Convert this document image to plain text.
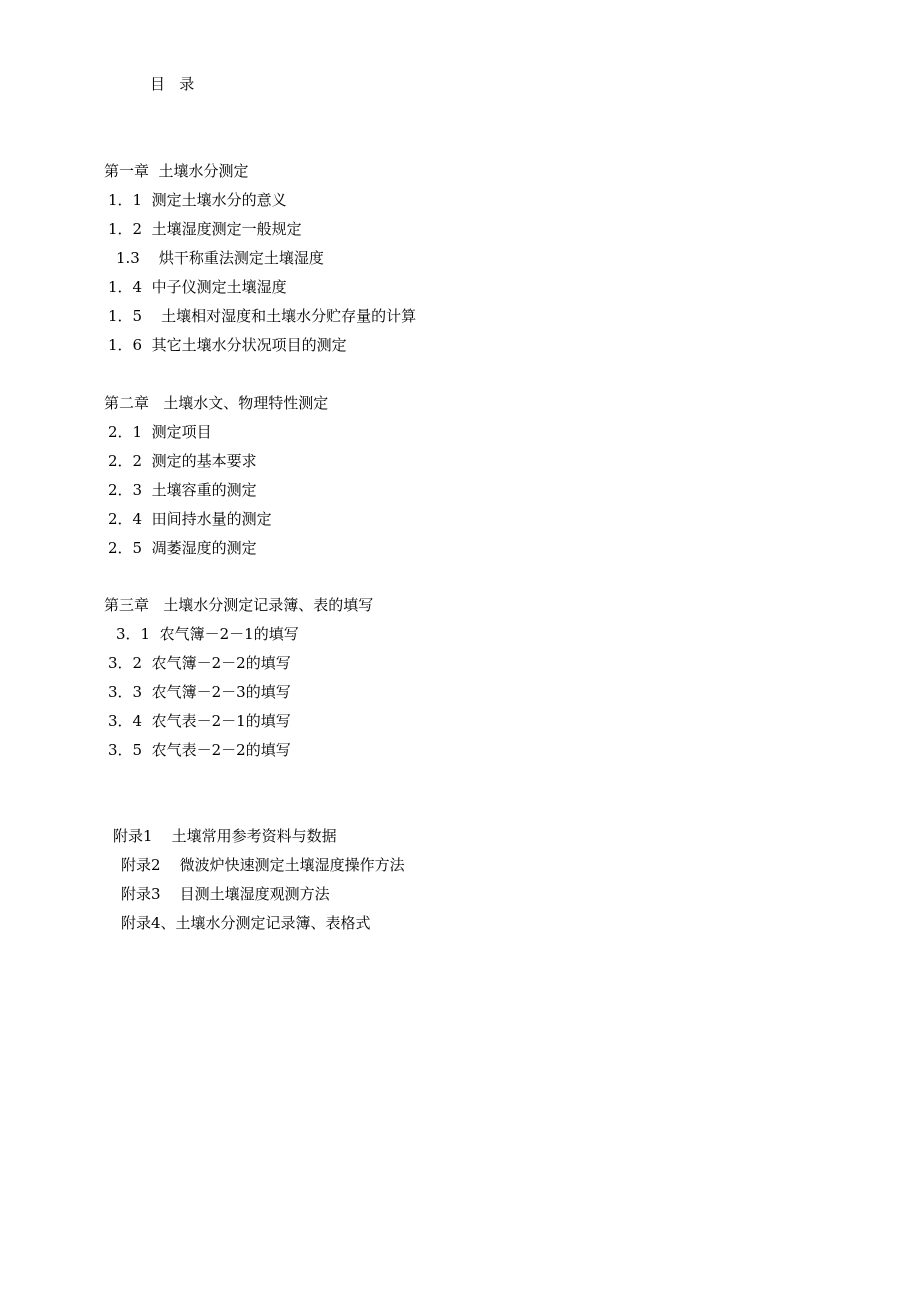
目   录
第一章  土壤水分测定
1．1  测定土壤水分的意义
1．2  土壤湿度测定一般规定
1.3    烘干称重法测定土壤湿度
1．4  中子仪测定土壤湿度
1．5    土壤相对湿度和土壤水分贮存量的计算
1．6  其它土壤水分状况项目的测定
第二章   土壤水文、物理特性测定
2．1  测定项目
2．2  测定的基本要求
2．3  土壤容重的测定
2．4  田间持水量的测定
2．5  凋萎湿度的测定
第三章   土壤水分测定记录簿、表的填写
3．1  农气簿－2－1的填写
3．2  农气簿－2－2的填写
3．3  农气簿－2－3的填写
3．4  农气表－2－1的填写
3．5  农气表－2－2的填写
附录1    土壤常用参考资料与数据
附录2    微波炉快速测定土壤湿度操作方法
附录3    目测土壤湿度观测方法
附录4、土壤水分测定记录簿、表格式
